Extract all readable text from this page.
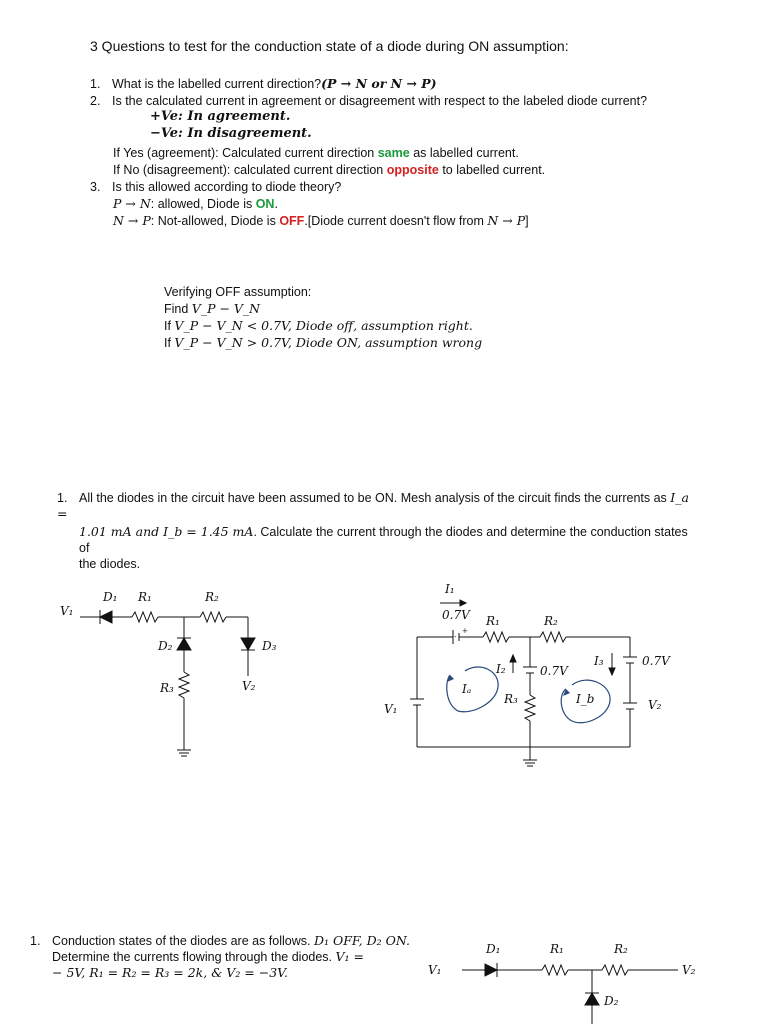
3 Questions to test for the conduction state of a diode during ON assumption:
1. What is the labelled current direction?(P → N or N → P)
2. Is the calculated current in agreement or disagreement with respect to the labeled diode current?
+Ve: In agreement.
−Ve: In disagreement.
If Yes (agreement): Calculated current direction same as labelled current.
If No (disagreement): calculated current direction opposite to labelled current.
3. Is this allowed according to diode theory?
P → N: allowed, Diode is ON.
N → P: Not-allowed, Diode is OFF.[Diode current doesn't flow from N → P]
Verifying OFF assumption:
Find V_P − V_N
If V_P − V_N < 0.7V, Diode off, assumption right.
If V_P − V_N > 0.7V, Diode ON, assumption wrong
1. All the diodes in the circuit have been assumed to be ON. Mesh analysis of the circuit finds the currents as I_a =
1.01 mA and I_b = 1.45 mA. Calculate the current through the diodes and determine the conduction states of
the diodes.
V₁
D₁ R₁	R₂
D₂	D₃
R₃	V₂
-
+
I₁
0.7V R₁	R₂
I₂	0.7V
I₃	0.7V
Iₐ
I_b
R₃
V₁	V₂
1. Conduction states of the diodes are as follows. D₁ OFF, D₂ ON.
Determine the currents flowing through the diodes. V₁ =
− 5V, R₁ = R₂ = R₃ = 2k, & V₂ = −3V.	V₁
D₁	R₁	R₂
V₂
D₂
